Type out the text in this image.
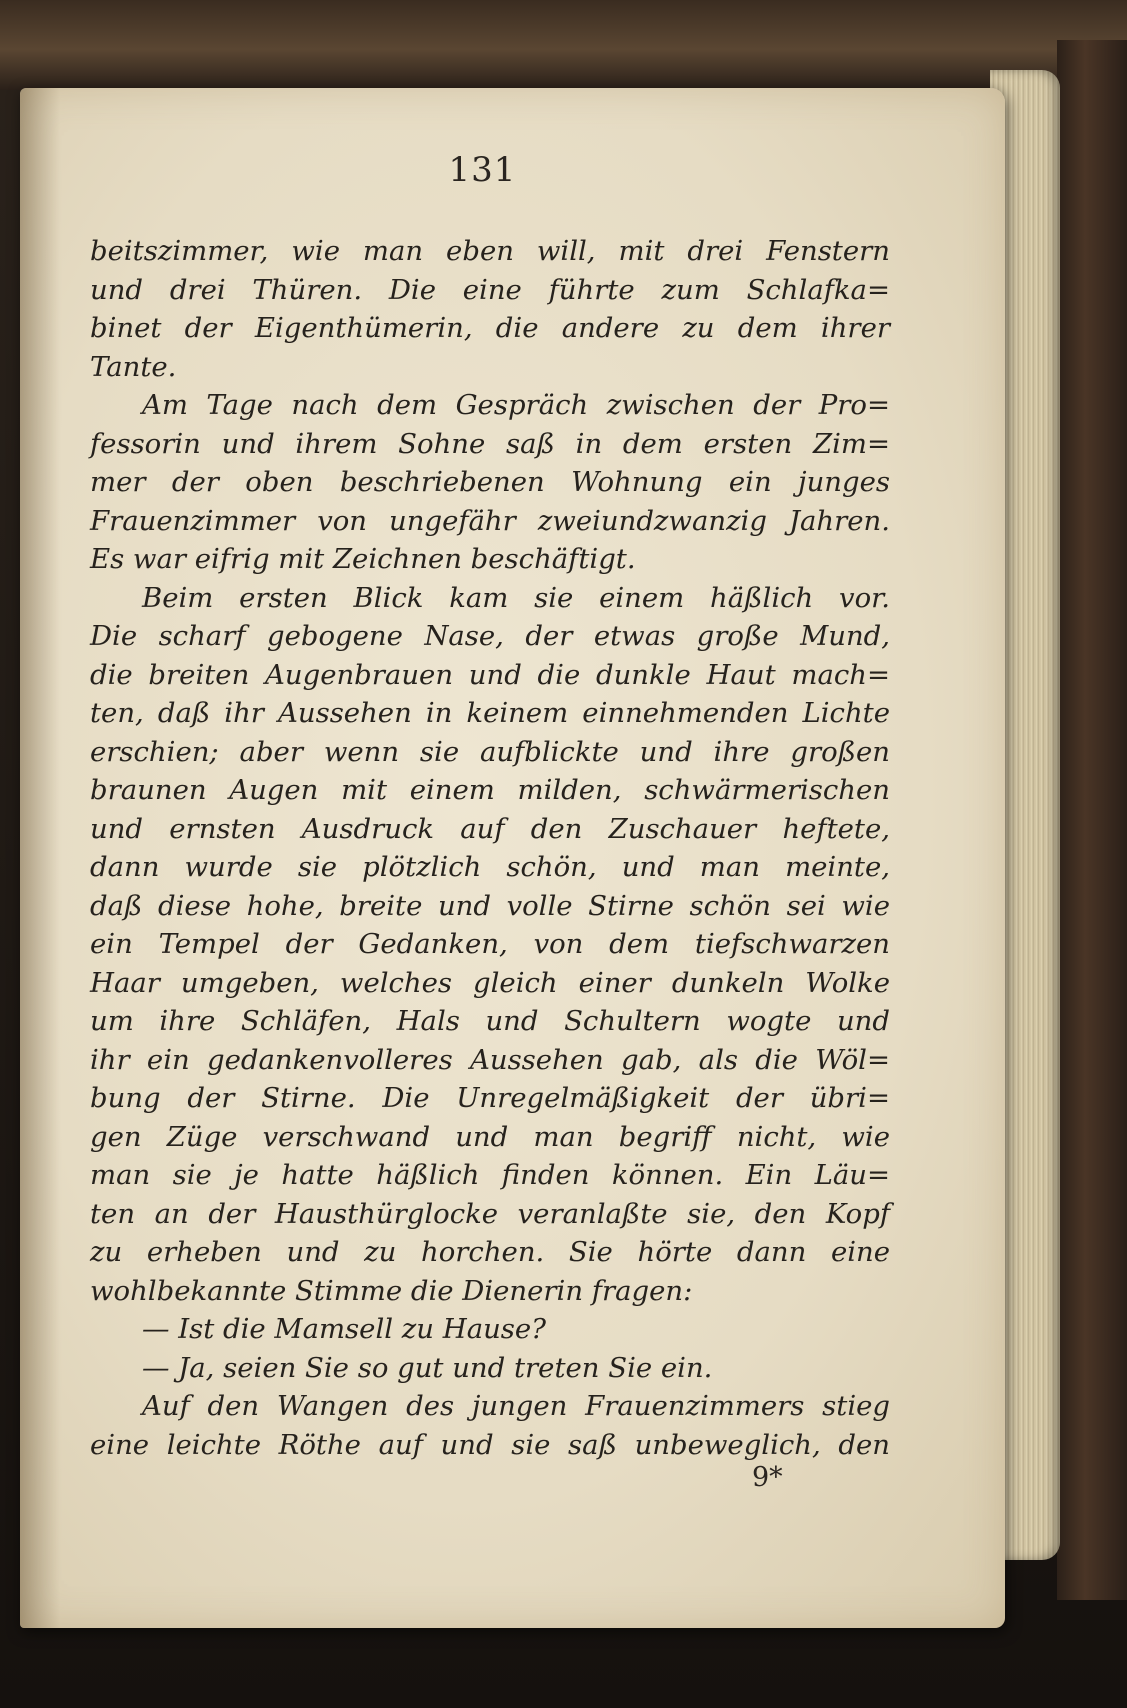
131
beitszimmer, wie man eben will, mit drei Fenstern
und drei Thüren. Die eine führte zum Schlafka=
binet der Eigenthümerin, die andere zu dem ihrer
Tante.
Am Tage nach dem Gespräch zwischen der Pro=
fessorin und ihrem Sohne saß in dem ersten Zim=
mer der oben beschriebenen Wohnung ein junges
Frauenzimmer von ungefähr zweiundzwanzig Jahren.
Es war eifrig mit Zeichnen beschäftigt.
Beim ersten Blick kam sie einem häßlich vor.
Die scharf gebogene Nase, der etwas große Mund,
die breiten Augenbrauen und die dunkle Haut mach=
ten, daß ihr Aussehen in keinem einnehmenden Lichte
erschien; aber wenn sie aufblickte und ihre großen
braunen Augen mit einem milden, schwärmerischen
und ernsten Ausdruck auf den Zuschauer heftete,
dann wurde sie plötzlich schön, und man meinte,
daß diese hohe, breite und volle Stirne schön sei wie
ein Tempel der Gedanken, von dem tiefschwarzen
Haar umgeben, welches gleich einer dunkeln Wolke
um ihre Schläfen, Hals und Schultern wogte und
ihr ein gedankenvolleres Aussehen gab, als die Wöl=
bung der Stirne. Die Unregelmäßigkeit der übri=
gen Züge verschwand und man begriff nicht, wie
man sie je hatte häßlich finden können. Ein Läu=
ten an der Hausthürglocke veranlaßte sie, den Kopf
zu erheben und zu horchen. Sie hörte dann eine
wohlbekannte Stimme die Dienerin fragen:
— Ist die Mamsell zu Hause?
— Ja, seien Sie so gut und treten Sie ein.
Auf den Wangen des jungen Frauenzimmers stieg
eine leichte Röthe auf und sie saß unbeweglich, den
9*
